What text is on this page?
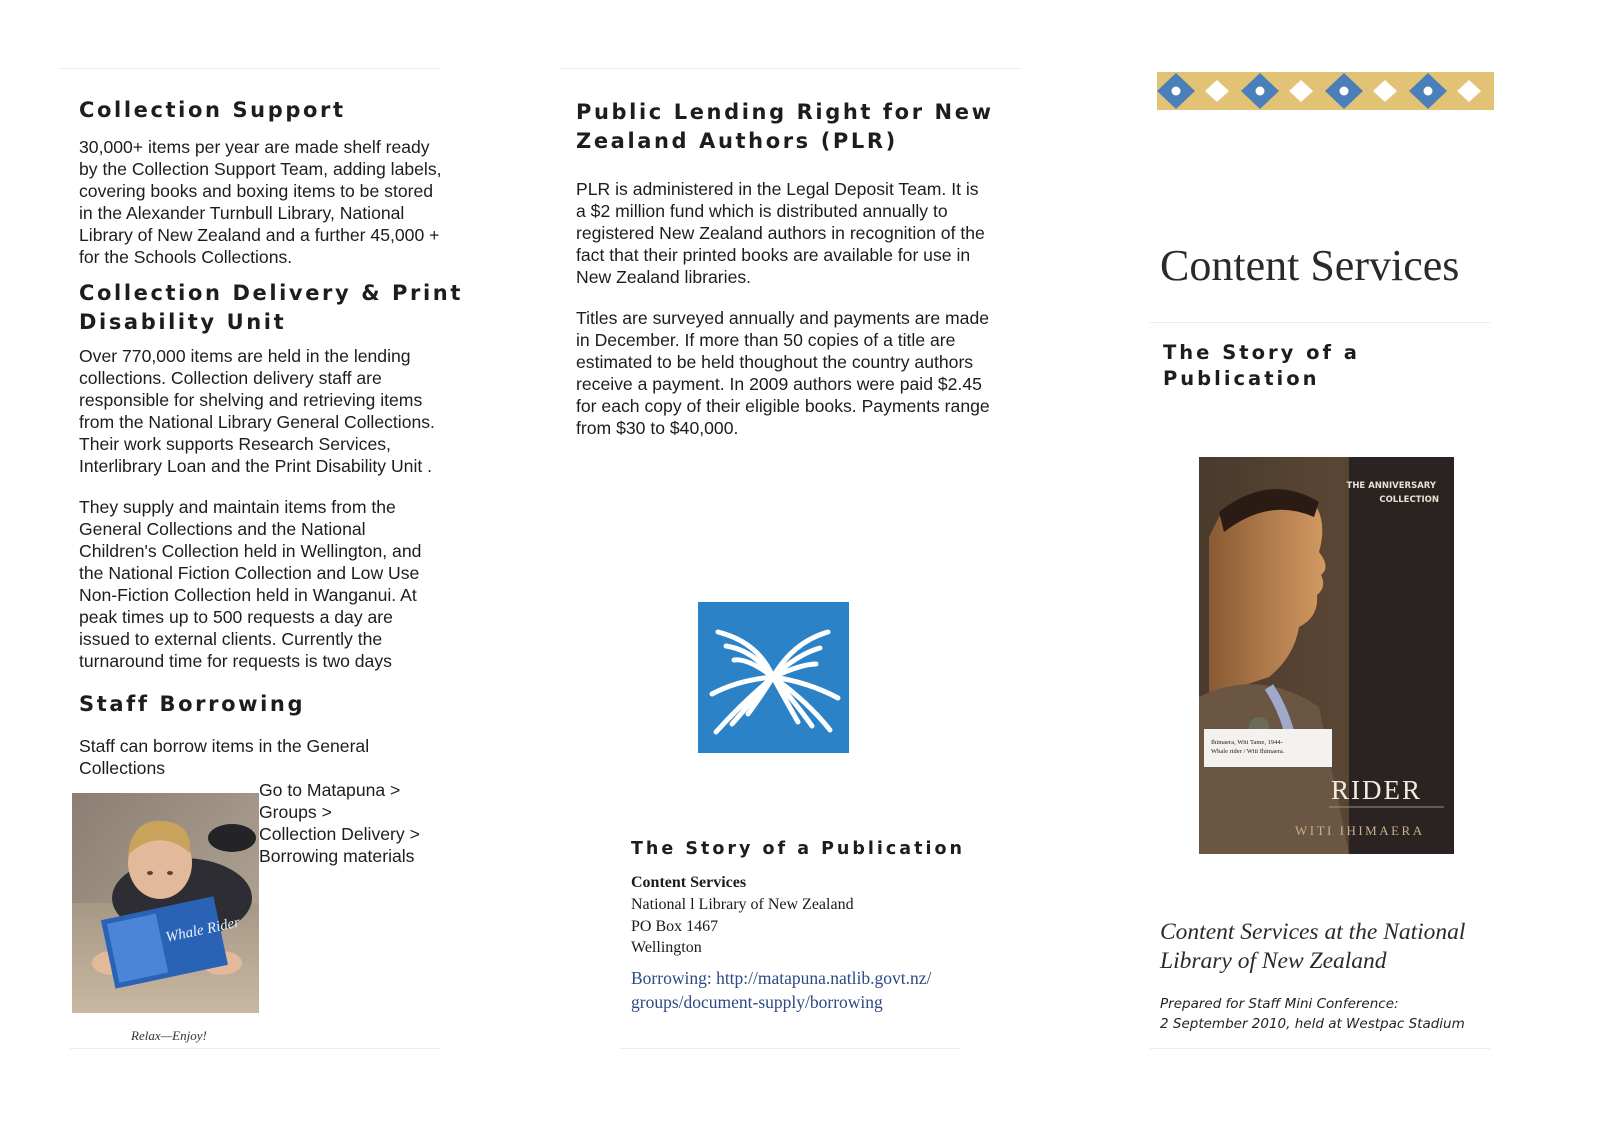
Collection Support

30,000+ items per year are made shelf ready
by the Collection Support Team, adding labels,
covering books and boxing items to be stored
in the Alexander Turnbull Library, National
Library of New Zealand and a further 45,000 +
for the Schools Collections.

Collection Delivery & Print
Disability Unit

Over 770,000 items are held in the lending
collections. Collection delivery staff are
responsible for shelving and retrieving items
from the National Library General Collections.
Their work supports Research Services,
Interlibrary Loan and the Print Disability Unit .

They supply and maintain items from the
General Collections and the National
Children's Collection held in Wellington, and
the National Fiction Collection and Low Use
Non-Fiction Collection held in Wanganui. At
peak times up to 500 requests a day are
issued to external clients. Currently the
turnaround time for requests is two days

Staff Borrowing

Staff can borrow items in the General
Collections

Whale Rider

Go to Matapuna >
Groups >
Collection Delivery >
Borrowing materials

Relax—Enjoy!
Public Lending Right for New
Zealand Authors (PLR)

PLR is administered in the Legal Deposit Team. It is
a $2 million fund which is distributed annually to
registered New Zealand authors in recognition of the
fact that their printed books are available for use in
New Zealand libraries.

Titles are surveyed annually and payments are made
in December. If more than 50 copies of a title are
estimated to be held thoughout the country authors
receive a payment. In 2009 authors were paid $2.45
for each copy of their eligible books. Payments range
from $30 to $40,000.

The Story of a Publication
Content Services
National l Library of New Zealand
PO Box 1467
Wellington
Borrowing: http://matapuna.natlib.govt.nz/
groups/document-supply/borrowing
Content Services
The Story of a
Publication
Ihimaera, Witi Tame, 1944- Whale rider / Witi Ihimaera.
THE ANNIVERSARY COLLECTION
RIDER
WITI IHIMAERA
Content Services at the National
Library of New Zealand
Prepared for Staff Mini Conference:
2 September 2010, held at Westpac Stadium
